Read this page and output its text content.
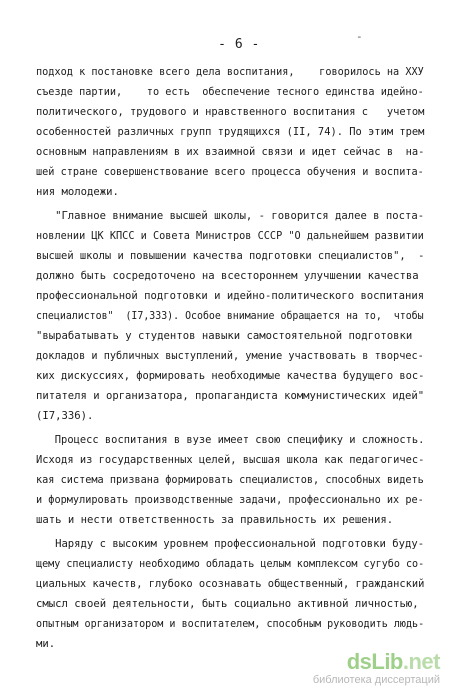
- 6 -
-
подход к постановке всего дела воспитания,    говорилось на XXУ
съезде партии,    то есть  обеспечение тесного единства идейно-
политического, трудового и нравственного воспитания с   учетом
особенностей различных групп трудящихся (II, 74). По этим трем
основным направлениям в их взаимной связи и идет сейчас в  на-
шей стране совершенствование всего процесса обучения и воспита-
ния молодежи.
"Главное внимание высшей школы, - говорится далее в поста-
новлении ЦК КПСС и Совета Министров СССР "О дальнейшем развитии
высшей школы и повышении качества подготовки специалистов",  -
должно быть сосредоточено на всестороннем улучшении качества
профессиональной подготовки и идейно-политического воспитания
специалистов"  (I7,333). Особое внимание обращается на то,  чтобы
"вырабатывать у студентов навыки самостоятельной подготовки
докладов и публичных выступлений, умение участвовать в творчес-
ких дискуссиях, формировать необходимые качества будущего вос-
питателя и организатора, пропагандиста коммунистических идей"
(I7,336).
Процесс воспитания в вузе имеет свою специфику и сложность.
Исходя из государственных целей, высшая школа как педагогичес-
кая система призвана формировать специалистов, способных видеть
и формулировать производственные задачи, профессионально их ре-
шать и нести ответственность за правильность их решения.
Наряду с высоким уровнем профессиональной подготовки буду-
щему специалисту необходимо обладать целым комплексом сугубо со-
циальных качеств, глубоко осознавать общественный, гражданский
смысл своей деятельности, быть социально активной личностью,
опытным организатором и воспитателем, способным руководить людь-
ми.
dsLib.net
библиотека диссертаций
